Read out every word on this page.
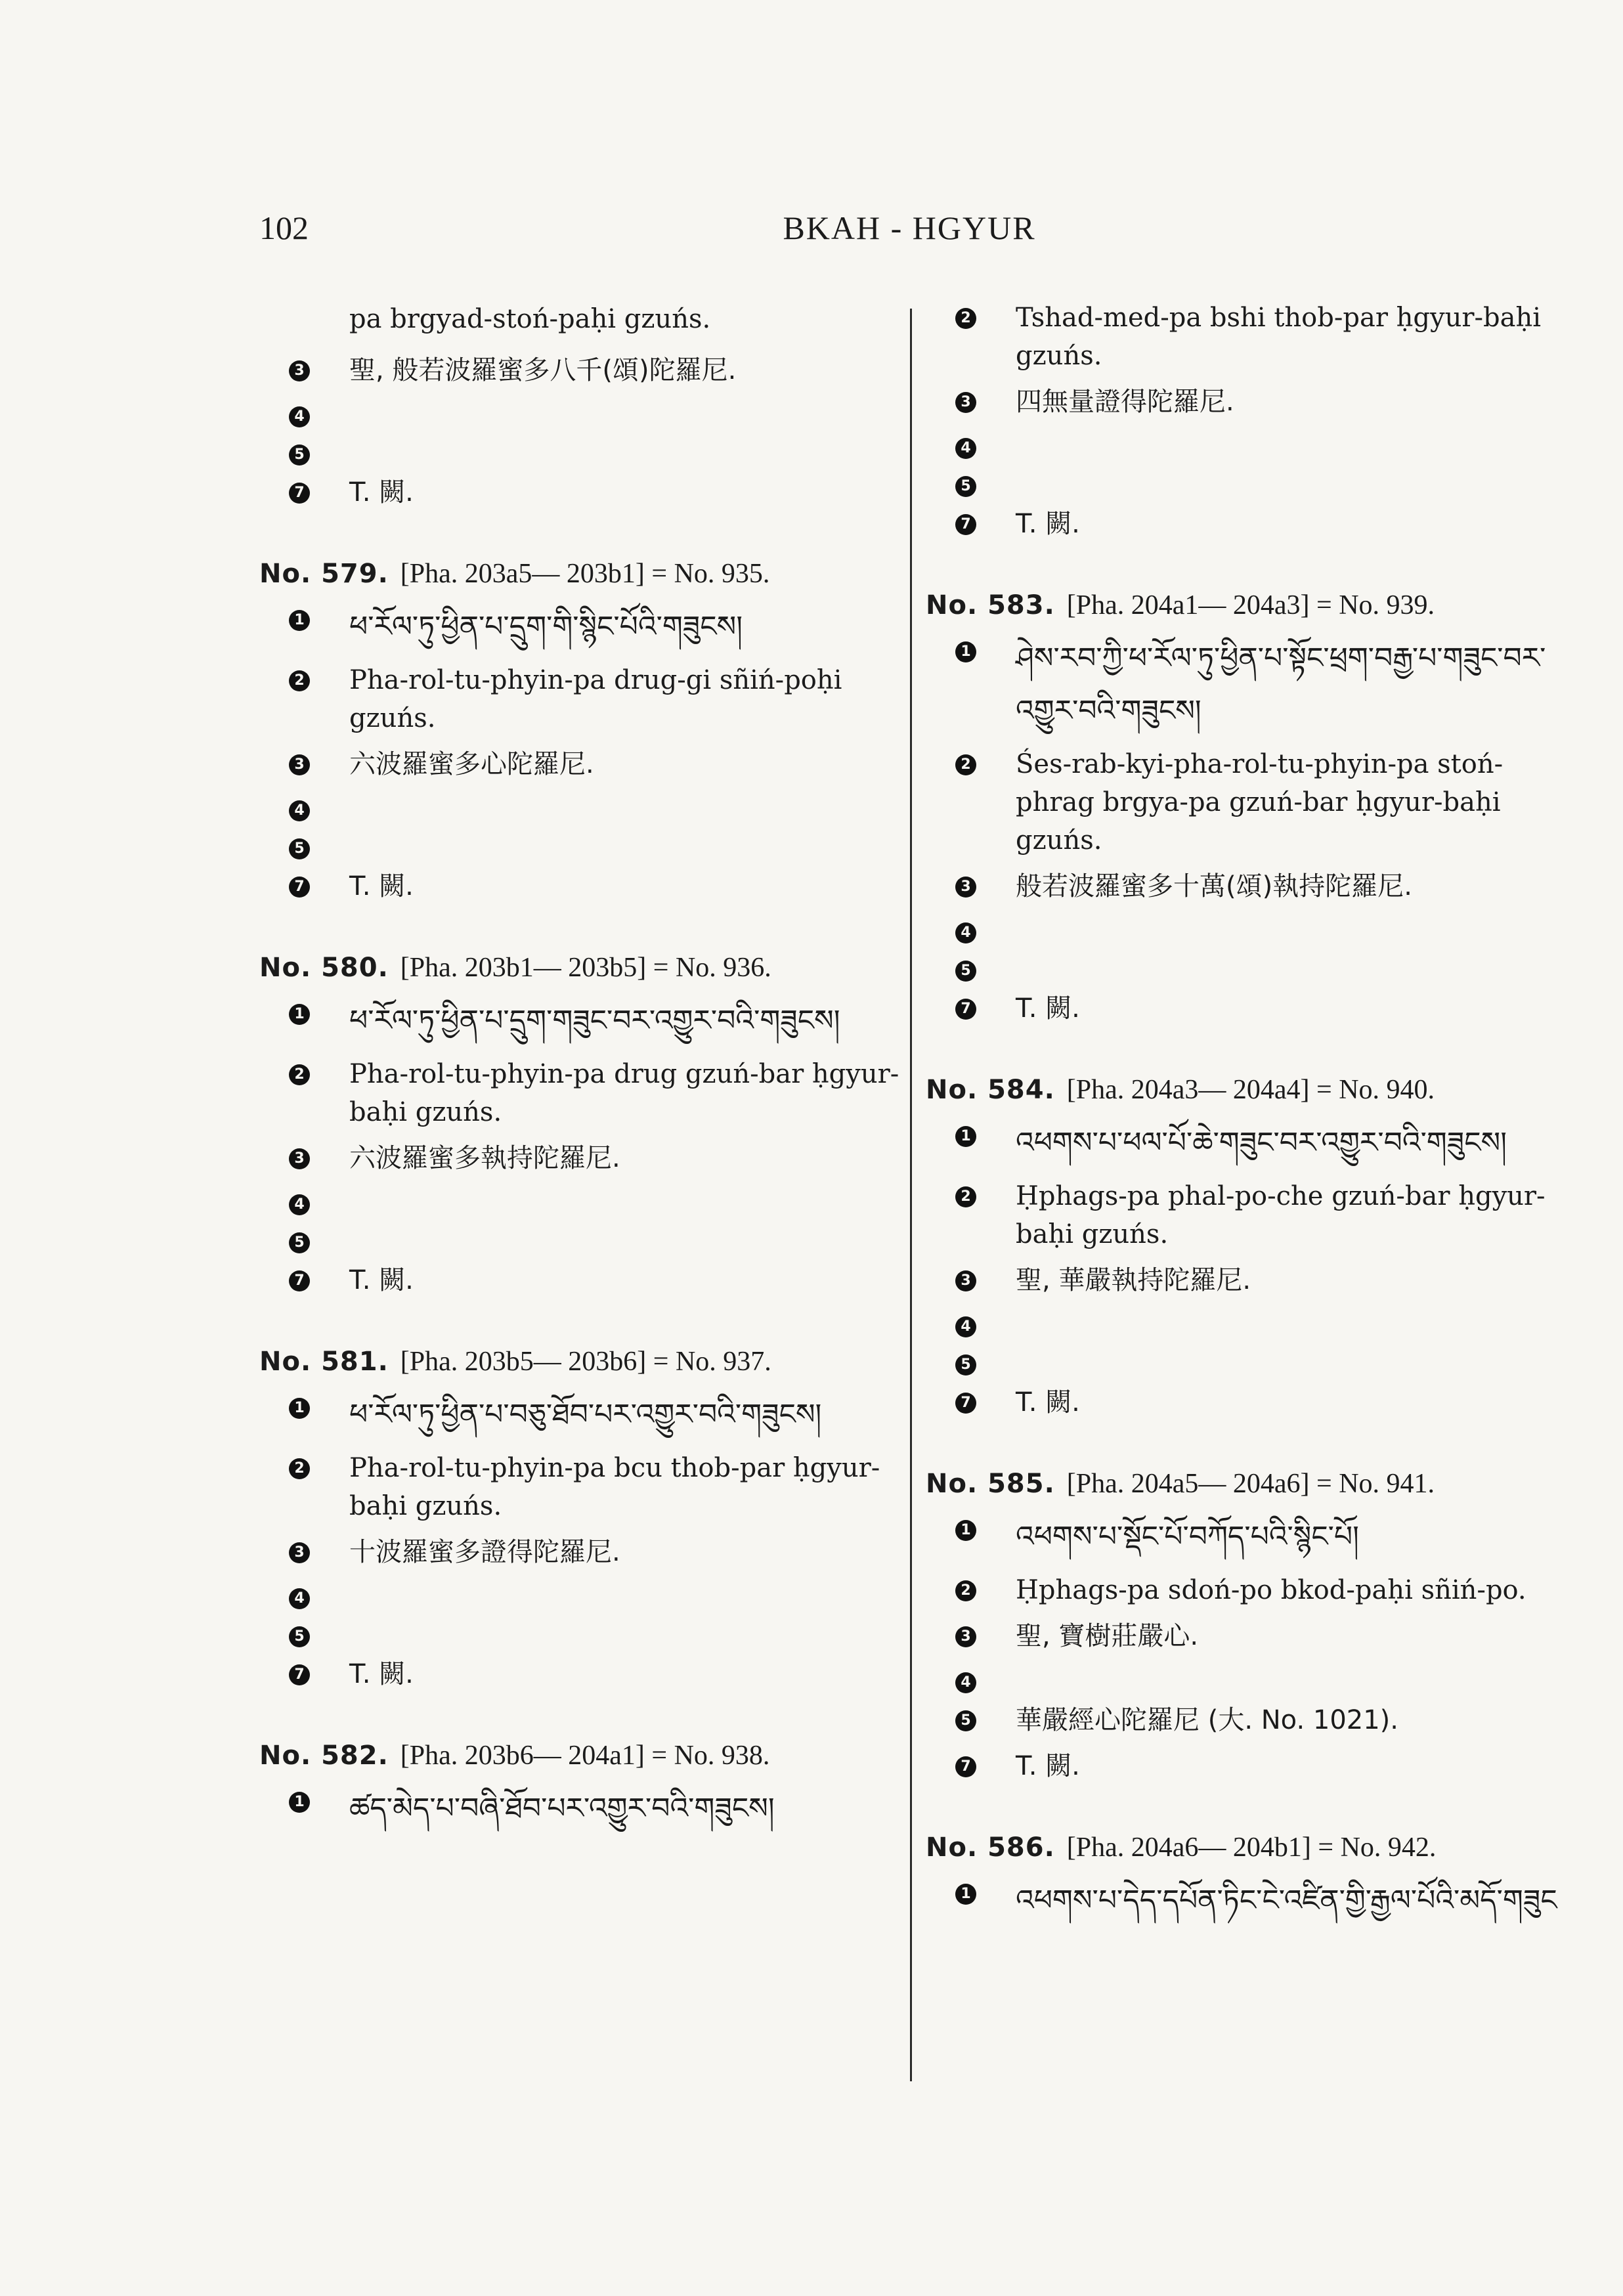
102	BKAH - HGYUR
pa brgyad-stoń-paḥi gzuńs.
3 聖, 般若波羅蜜多八千(頌)陀羅尼.
4
5
7 T. 闕.
No. 579. [Pha. 203a5— 203b1] = No. 935.
1 ཕ་རོལ་ཏུ་ཕྱིན་པ་དྲུག་གི་སྙིང་པོའི་གཟུངས།
2 Pha-rol-tu-phyin-pa drug-gi sñiń-poḥi gzuńs.
3 六波羅蜜多心陀羅尼.
4
5
7 T. 闕.
No. 580. [Pha. 203b1— 203b5] = No. 936.
1 ཕ་རོལ་ཏུ་ཕྱིན་པ་དྲུག་གཟུང་བར་འགྱུར་བའི་གཟུངས།
2 Pha-rol-tu-phyin-pa drug gzuń-bar ḥgyur-baḥi gzuńs.
3 六波羅蜜多執持陀羅尼.
4
5
7 T. 闕.
No. 581. [Pha. 203b5— 203b6] = No. 937.
1 ཕ་རོལ་ཏུ་ཕྱིན་པ་བཅུ་ཐོབ་པར་འགྱུར་བའི་གཟུངས།
2 Pha-rol-tu-phyin-pa bcu thob-par ḥgyur-baḥi gzuńs.
3 十波羅蜜多證得陀羅尼.
4
5
7 T. 闕.
No. 582. [Pha. 203b6— 204a1] = No. 938.
1 ཚད་མེད་པ་བཞི་ཐོབ་པར་འགྱུར་བའི་གཟུངས།
2 Tshad-med-pa bshi thob-par ḥgyur-baḥi gzuńs.
3 四無量證得陀羅尼.
4
5
7 T. 闕.
No. 583. [Pha. 204a1— 204a3] = No. 939.
1 ཤེས་རབ་ཀྱི་ཕ་རོལ་ཏུ་ཕྱིན་པ་སྟོང་ཕྲག་བརྒྱ་པ་གཟུང་བར་འགྱུར་བའི་གཟུངས།
2 Śes-rab-kyi-pha-rol-tu-phyin-pa stoń-phrag brgya-pa gzuń-bar ḥgyur-baḥi gzuńs.
3 般若波羅蜜多十萬(頌)執持陀羅尼.
4
5
7 T. 闕.
No. 584. [Pha. 204a3— 204a4] = No. 940.
1 འཕགས་པ་ཕལ་པོ་ཆེ་གཟུང་བར་འགྱུར་བའི་གཟུངས།
2 Ḥphags-pa phal-po-che gzuń-bar ḥgyur-baḥi gzuńs.
3 聖, 華嚴執持陀羅尼.
4
5
7 T. 闕.
No. 585. [Pha. 204a5— 204a6] = No. 941.
1 འཕགས་པ་སྡོང་པོ་བཀོད་པའི་སྙིང་པོ།
2 Ḥphags-pa sdoń-po bkod-paḥi sñiń-po.
3 聖, 寶樹莊嚴心.
4
5 華嚴經心陀羅尼 (大. No. 1021).
7 T. 闕.
No. 586. [Pha. 204a6— 204b1] = No. 942.
1 འཕགས་པ་དེད་དཔོན་ཏིང་ངེ་འཛིན་གྱི་རྒྱལ་པོའི་མདོ་གཟུང
